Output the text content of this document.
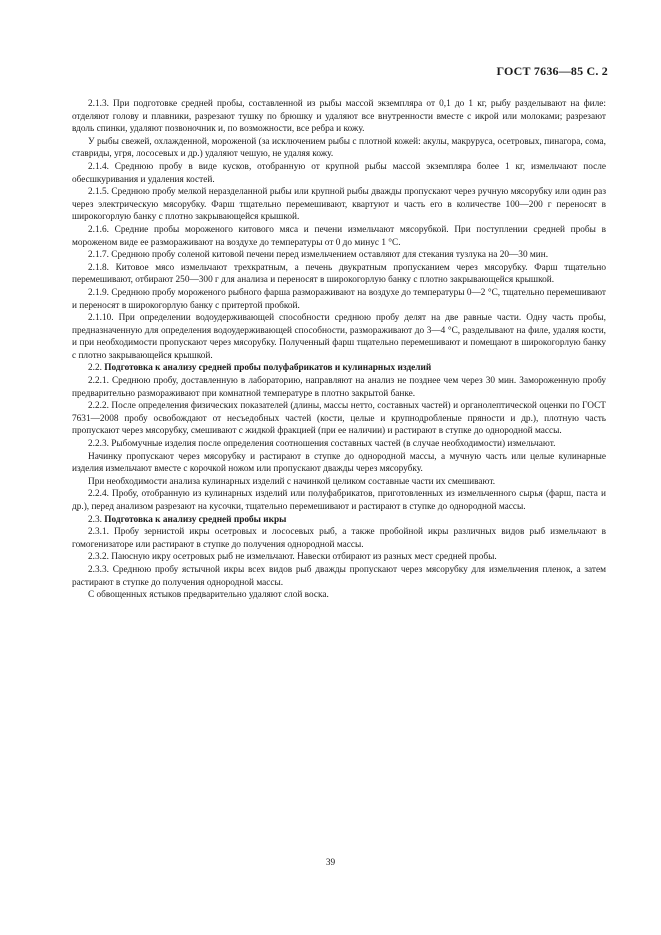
ГОСТ 7636—85 С. 2

2.1.3. При подготовке средней пробы, составленной из рыбы массой экземпляра от 0,1 до 1 кг, рыбу разделывают на филе: отделяют голову и плавники, разрезают тушку по брюшку и удаляют все внутренности вместе с икрой или молоками; разрезают вдоль спинки, удаляют позвоночник и, по возможности, все ребра и кожу.

У рыбы свежей, охлажденной, мороженой (за исключением рыбы с плотной кожей: акулы, макруруса, осетровых, пинагора, сома, ставриды, угря, лососевых и др.) удаляют чешую, не удаляя кожу.

2.1.4. Среднюю пробу в виде кусков, отобранную от крупной рыбы массой экземпляра более 1 кг, измельчают после обесшкуривания и удаления костей.

2.1.5. Среднюю пробу мелкой неразделанной рыбы или крупной рыбы дважды пропускают через ручную мясорубку или один раз через электрическую мясорубку. Фарш тщательно перемешивают, квартуют и часть его в количестве 100—200 г переносят в широкогорлую банку с плотно закрывающейся крышкой.

2.1.6. Средние пробы мороженого китового мяса и печени измельчают мясорубкой. При поступлении средней пробы в мороженом виде ее размораживают на воздухе до температуры от 0 до минус 1 °С.

2.1.7. Среднюю пробу соленой китовой печени перед измельчением оставляют для стекания тузлука на 20—30 мин.

2.1.8. Китовое мясо измельчают трехкратным, а печень двукратным пропусканием через мясорубку. Фарш тщательно перемешивают, отбирают 250—300 г для анализа и переносят в широкогорлую банку с плотно закрывающейся крышкой.

2.1.9. Среднюю пробу мороженого рыбного фарша размораживают на воздухе до температуры 0—2 °С, тщательно перемешивают и переносят в широкогорлую банку с притертой пробкой.

2.1.10. При определении водоудерживающей способности среднюю пробу делят на две равные части. Одну часть пробы, предназначенную для определения водоудерживающей способности, размораживают до 3—4 °С, разделывают на филе, удаляя кости, и при необходимости пропускают через мясорубку. Полученный фарш тщательно перемешивают и помещают в широкогорлую банку с плотно закрывающейся крышкой.

2.2. Подготовка к анализу средней пробы полуфабрикатов и кулинарных изделий

2.2.1. Среднюю пробу, доставленную в лабораторию, направляют на анализ не позднее чем через 30 мин. Замороженную пробу предварительно размораживают при комнатной температуре в плотно закрытой банке.

2.2.2. После определения физических показателей (длины, массы нетто, составных частей) и органолептической оценки по ГОСТ 7631—2008 пробу освобождают от несъедобных частей (кости, целые и крупнодробленые пряности и др.), плотную часть пропускают через мясорубку, смешивают с жидкой фракцией (при ее наличии) и растирают в ступке до однородной массы.

2.2.3. Рыбомучные изделия после определения соотношения составных частей (в случае необходимости) измельчают.

Начинку пропускают через мясорубку и растирают в ступке до однородной массы, а мучную часть или целые кулинарные изделия измельчают вместе с корочкой ножом или пропускают дважды через мясорубку.

При необходимости анализа кулинарных изделий с начинкой целиком составные части их смешивают.

2.2.4. Пробу, отобранную из кулинарных изделий или полуфабрикатов, приготовленных из измельченного сырья (фарш, паста и др.), перед анализом разрезают на кусочки, тщательно перемешивают и растирают в ступке до однородной массы.

2.3. Подготовка к анализу средней пробы икры

2.3.1. Пробу зернистой икры осетровых и лососевых рыб, а также пробойной икры различных видов рыб измельчают в гомогенизаторе или растирают в ступке до получения однородной массы.

2.3.2. Паюсную икру осетровых рыб не измельчают. Навески отбирают из разных мест средней пробы.

2.3.3. Среднюю пробу ястычной икры всех видов рыб дважды пропускают через мясорубку для измельчения пленок, а затем растирают в ступке до получения однородной массы.

С обвощенных ястыков предварительно удаляют слой воска.

39
